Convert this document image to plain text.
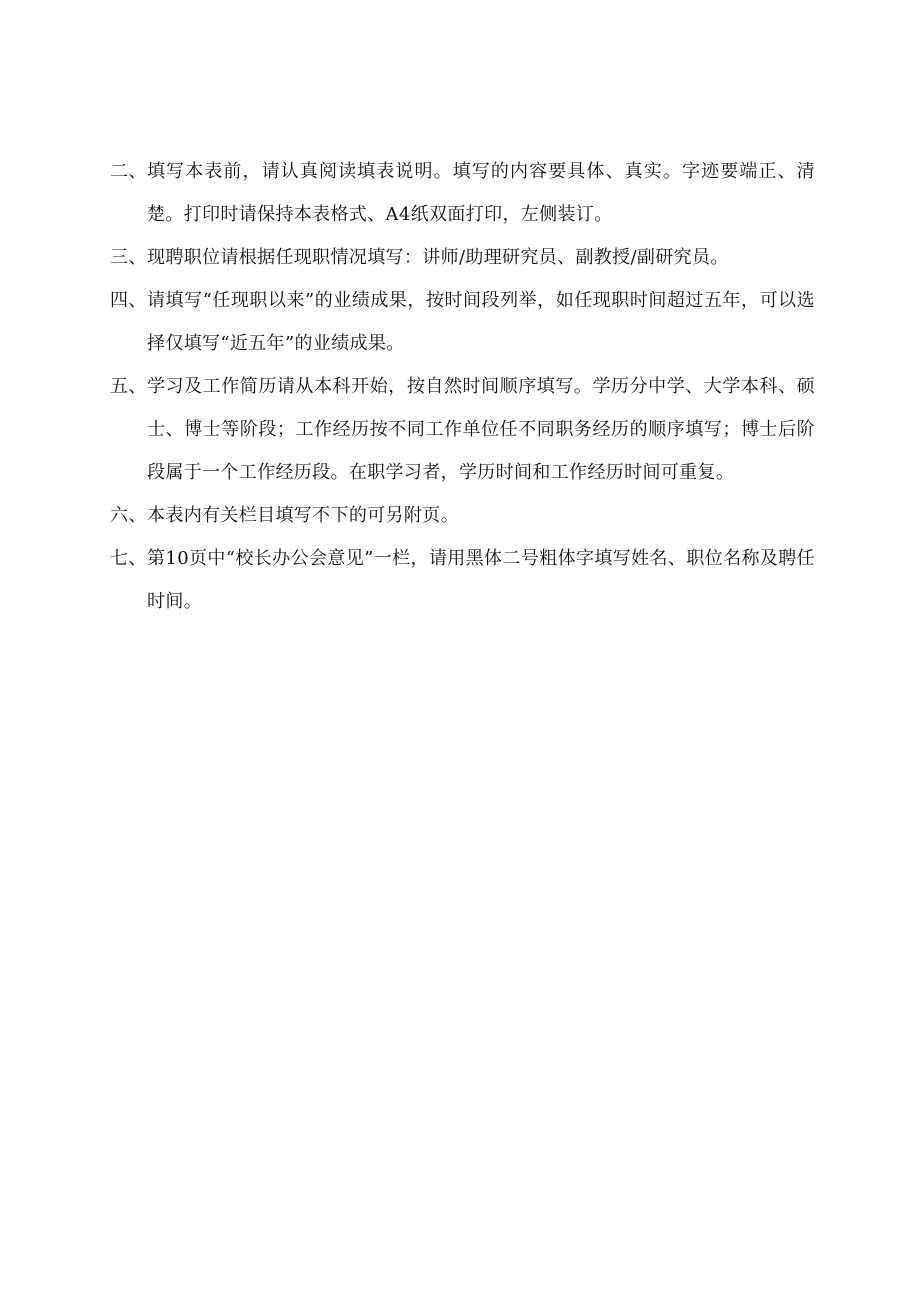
二、 填写本表前，请认真阅读填表说明。填写的内容要具体、真实。字迹要端正、清楚。打印时请保持本表格式、A4纸双面打印，左侧装订。
三、 现聘职位请根据任现职情况填写：讲师/助理研究员、副教授/副研究员。
四、 请填写“任现职以来”的业绩成果，按时间段列举，如任现职时间超过五年，可以选择仅填写“近五年”的业绩成果。
五、 学习及工作简历请从本科开始，按自然时间顺序填写。学历分中学、大学本科、硕士、博士等阶段；工作经历按不同工作单位任不同职务经历的顺序填写；博士后阶段属于一个工作经历段。在职学习者，学历时间和工作经历时间可重复。
六、 本表内有关栏目填写不下的可另附页。
七、 第10页中“校长办公会意见”一栏，请用黑体二号粗体字填写姓名、职位名称及聘任时间。
